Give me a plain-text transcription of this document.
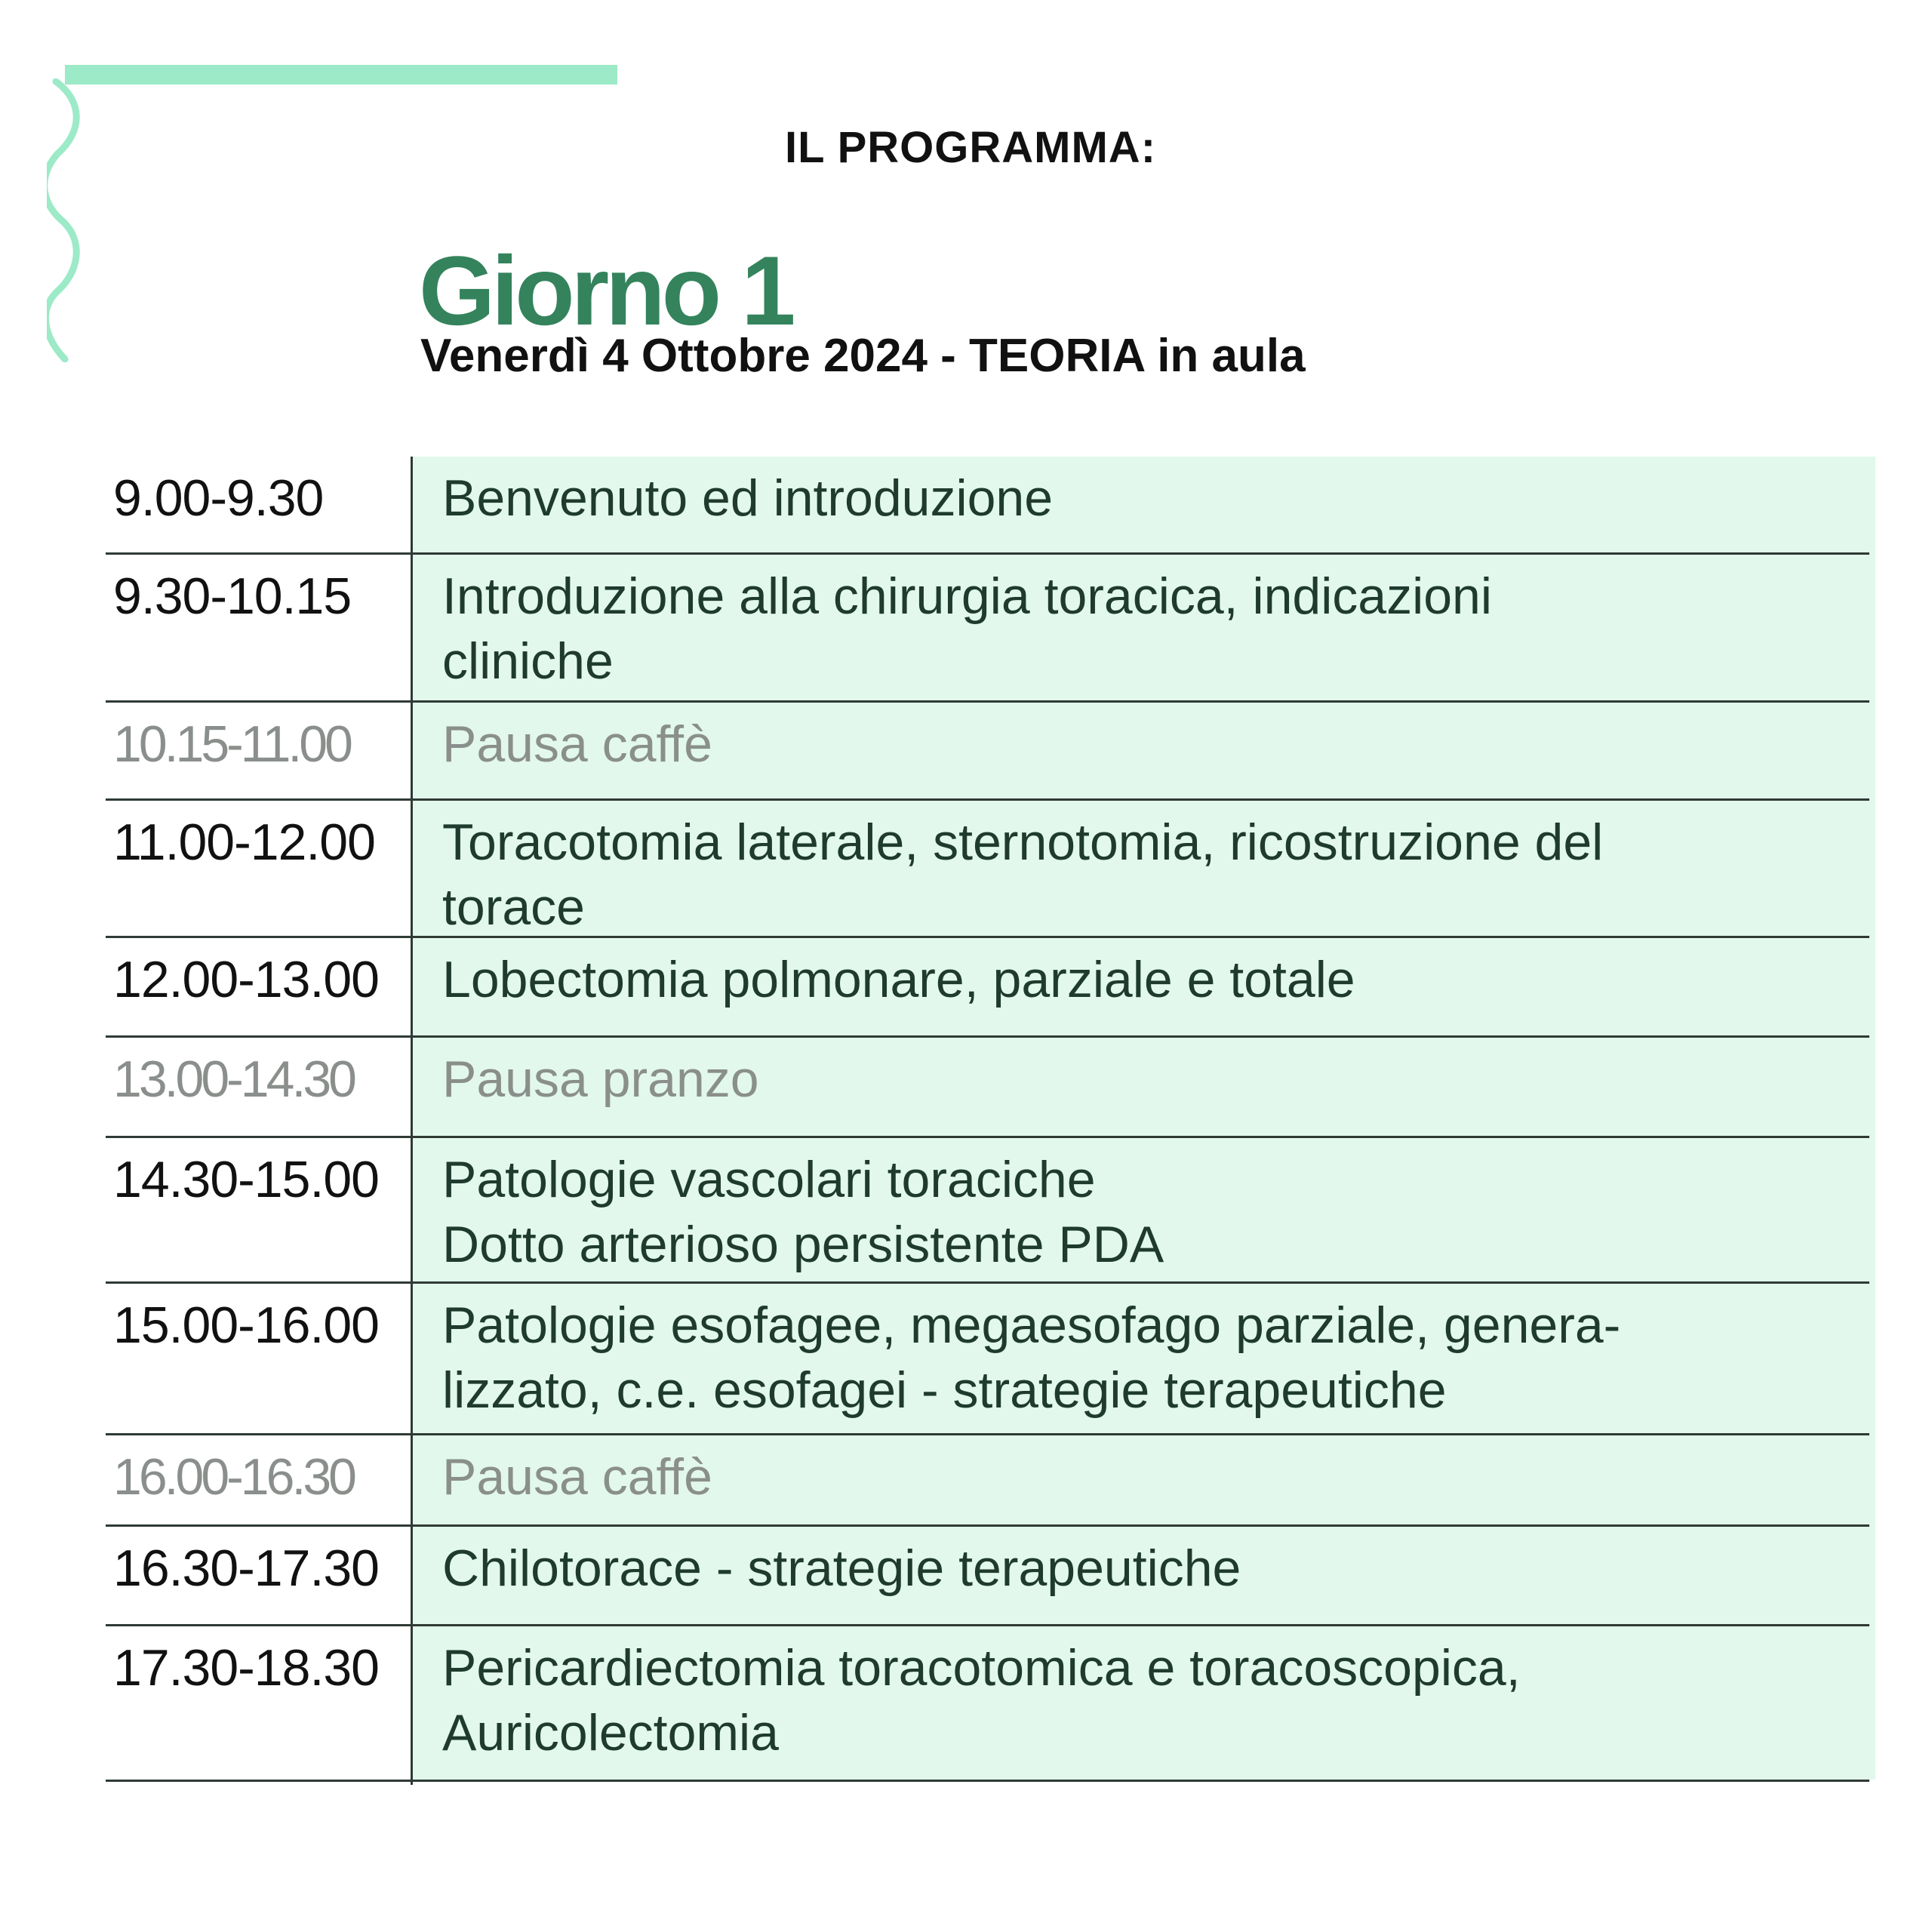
IL PROGRAMMA:
Giorno 1
Venerdì 4 Ottobre 2024 - TEORIA in aula
9.00-9.30 Benvenuto ed introduzione
9.30-10.15 Introduzione alla chirurgia toracica, indicazioni
cliniche
10.15-11.00 Pausa caffè
11.00-12.00 Toracotomia laterale, sternotomia, ricostruzione del
torace
12.00-13.00 Lobectomia polmonare, parziale e totale
13.00-14.30 Pausa pranzo
14.30-15.00 Patologie vascolari toraciche
Dotto arterioso persistente PDA
15.00-16.00 Patologie esofagee, megaesofago parziale, genera-
lizzato, c.e. esofagei - strategie terapeutiche
16.00-16.30 Pausa caffè
16.30-17.30 Chilotorace - strategie terapeutiche
17.30-18.30 Pericardiectomia toracotomica e toracoscopica,
Auricolectomia
